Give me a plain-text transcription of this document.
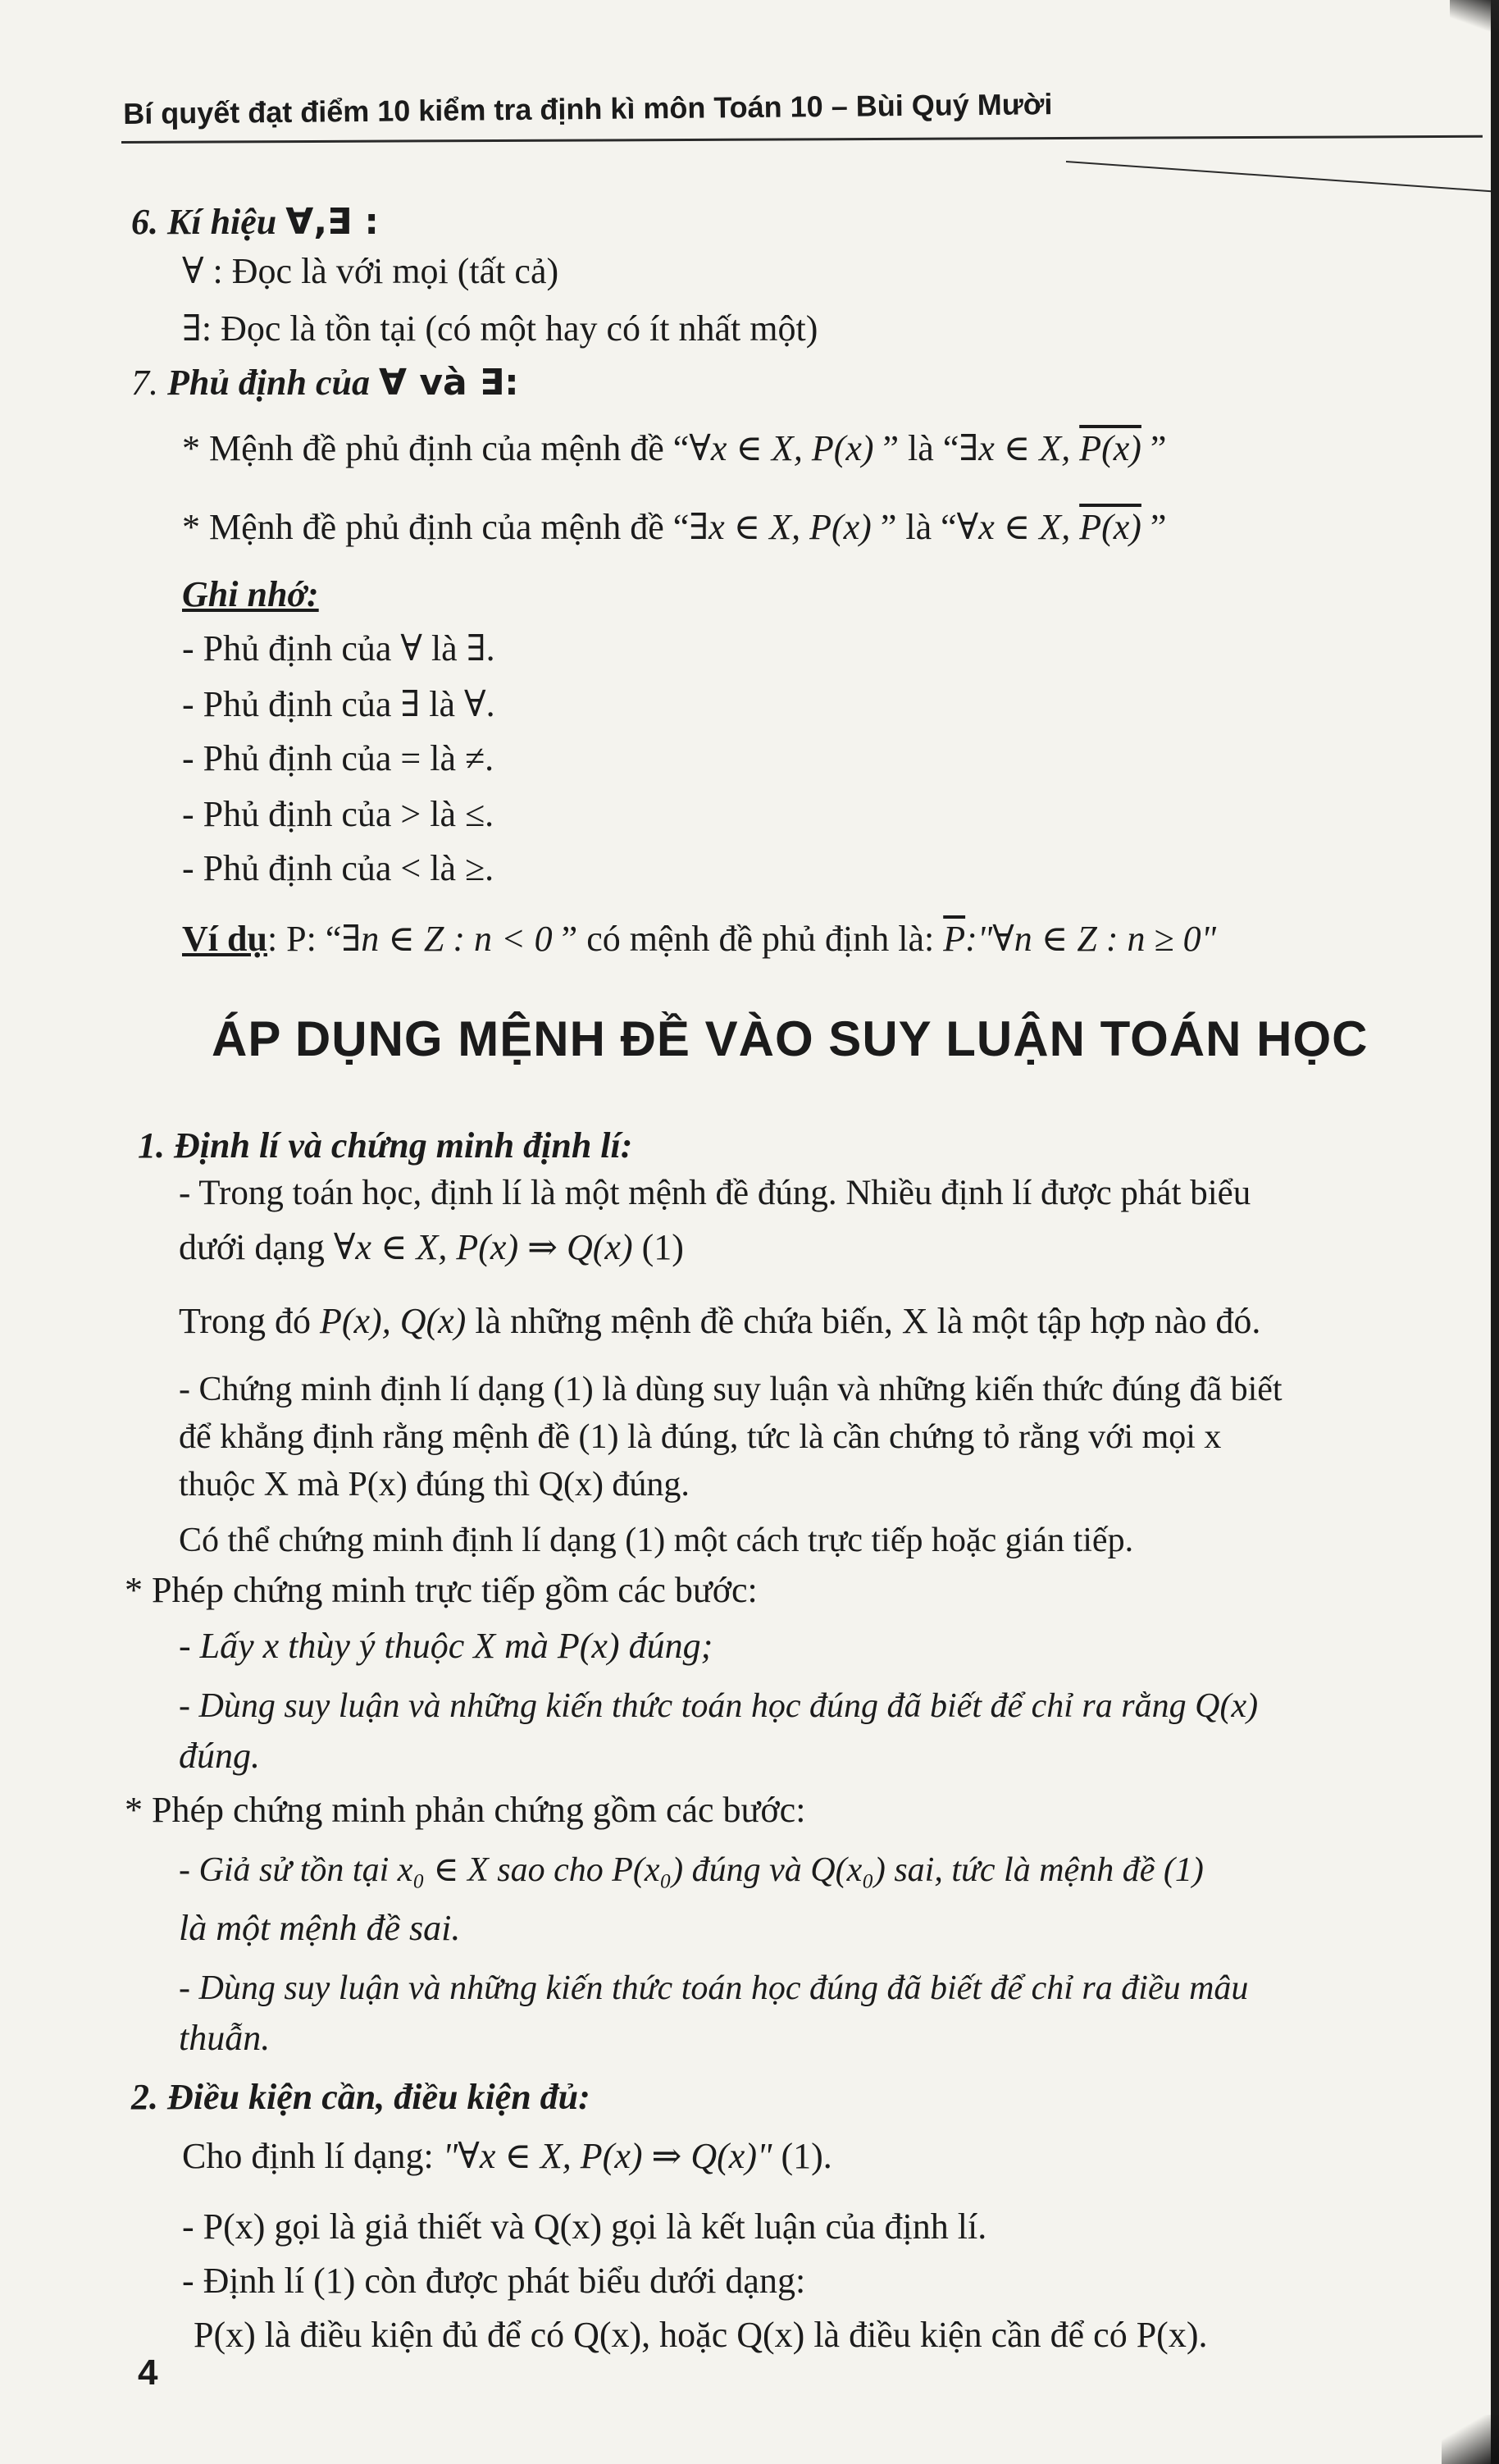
Bí quyết đạt điểm 10 kiểm tra định kì môn Toán 10 – Bùi Quý Mười
6. Kí hiệu ∀,∃ :
∀ : Đọc là với mọi (tất cả)
∃: Đọc là tồn tại (có một hay có ít nhất một)
7. Phủ định của ∀ và ∃:
* Mệnh đề phủ định của mệnh đề “∀x ∈ X, P(x) ” là “∃x ∈ X, P(x) ”
* Mệnh đề phủ định của mệnh đề “∃x ∈ X, P(x) ” là “∀x ∈ X, P(x) ”
Ghi nhớ:
- Phủ định của ∀ là ∃.
- Phủ định của ∃ là ∀.
- Phủ định của = là ≠.
- Phủ định của > là ≤.
- Phủ định của < là ≥.
Ví dụ: P: “∃n ∈ Z : n < 0 ” có mệnh đề phủ định là: $\overline{P}:"\forall n$ ∈ Z : n ≥ 0"
ÁP DỤNG MỆNH ĐỀ VÀO SUY LUẬN TOÁN HỌC
1. Định lí và chứng minh định lí:
- Trong toán học, định lí là một mệnh đề đúng. Nhiều định lí được phát biểu
dưới dạng ∀x ∈ X, P(x) ⇒ Q(x) (1)
Trong đó P(x), Q(x) là những mệnh đề chứa biến, X là một tập hợp nào đó.
- Chứng minh định lí dạng (1) là dùng suy luận và những kiến thức đúng đã biết
để khẳng định rằng mệnh đề (1) là đúng, tức là cần chứng tỏ rằng với mọi x
thuộc X mà P(x) đúng thì Q(x) đúng.
Có thể chứng minh định lí dạng (1) một cách trực tiếp hoặc gián tiếp.
* Phép chứng minh trực tiếp gồm các bước:
- Lấy x thùy ý thuộc X mà P(x) đúng;
- Dùng suy luận và những kiến thức toán học đúng đã biết để chỉ ra rằng Q(x)
đúng.
* Phép chứng minh phản chứng gồm các bước:
- Giả sử tồn tại x₀ ∈ X sao cho P(x₀) đúng và Q(x₀) sai, tức là mệnh đề (1)
là một mệnh đề sai.
- Dùng suy luận và những kiến thức toán học đúng đã biết để chỉ ra điều mâu
thuẫn.
2. Điều kiện cần, điều kiện đủ:
Cho định lí dạng: "∀x ∈ X, P(x) ⇒ Q(x)" (1).
- P(x) gọi là giả thiết và Q(x) gọi là kết luận của định lí.
- Định lí (1) còn được phát biểu dưới dạng:
P(x) là điều kiện đủ để có Q(x), hoặc Q(x) là điều kiện cần để có P(x).
4
